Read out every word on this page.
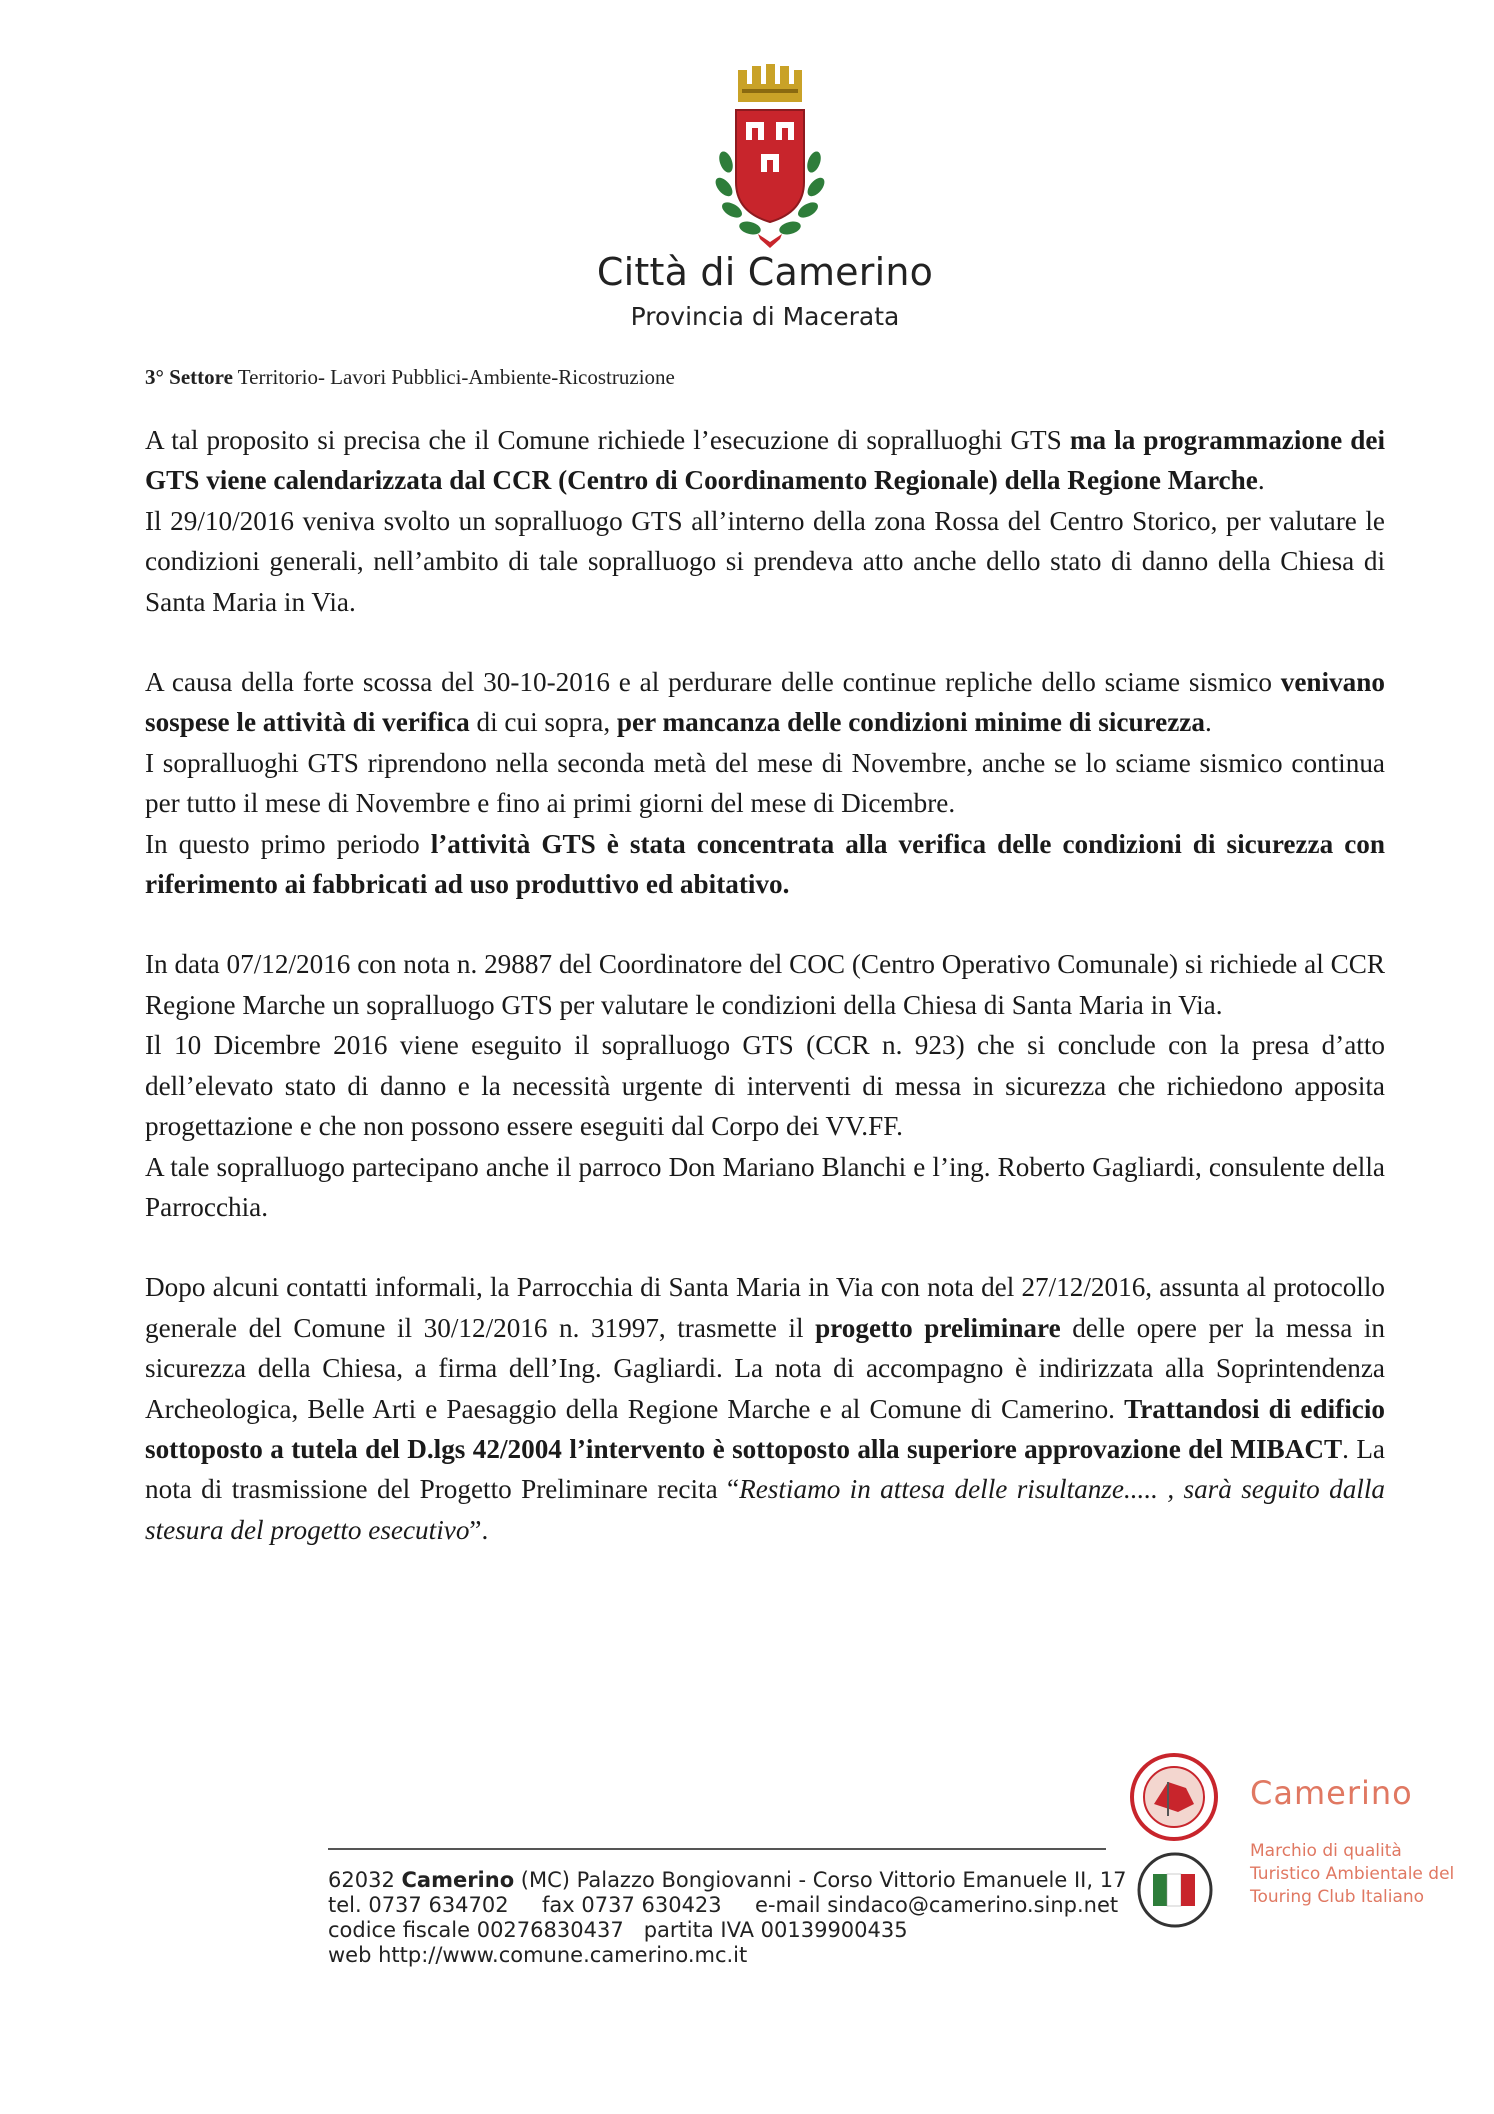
Città di Camerino
Provincia di Macerata
3° Settore Territorio- Lavori Pubblici-Ambiente-Ricostruzione

A tal proposito si precisa che il Comune richiede l’esecuzione di sopralluoghi GTS ma la programmazione dei GTS viene calendarizzata dal CCR (Centro di Coordinamento Regionale) della Regione Marche.

Il 29/10/2016 veniva svolto un sopralluogo GTS all’interno della zona Rossa del Centro Storico, per valutare le condizioni generali, nell’ambito di tale sopralluogo si prendeva atto anche dello stato di danno della Chiesa di Santa Maria in Via.

A causa della forte scossa del 30-10-2016 e al perdurare delle continue repliche dello sciame sismico venivano sospese le attività di verifica di cui sopra, per mancanza delle condizioni minime di sicurezza.

I sopralluoghi GTS riprendono nella seconda metà del mese di Novembre, anche se lo sciame sismico continua per tutto il mese di Novembre e fino ai primi giorni del mese di Dicembre.

In questo primo periodo l’attività GTS è stata concentrata alla verifica delle condizioni di sicurezza con riferimento ai fabbricati ad uso produttivo ed abitativo.

In data 07/12/2016 con nota n. 29887 del Coordinatore del COC (Centro Operativo Comunale) si richiede al CCR Regione Marche un sopralluogo GTS per valutare le condizioni della Chiesa di Santa Maria in Via.

Il 10 Dicembre 2016 viene eseguito il sopralluogo GTS (CCR n. 923) che si conclude con la presa d’atto dell’elevato stato di danno e la necessità urgente di interventi di messa in sicurezza che richiedono apposita progettazione e che non possono essere eseguiti dal Corpo dei VV.FF.

A tale sopralluogo partecipano anche il parroco Don Mariano Blanchi e l’ing. Roberto Gagliardi, consulente della Parrocchia.

Dopo alcuni contatti informali, la Parrocchia di Santa Maria in Via con nota del 27/12/2016, assunta al protocollo generale del Comune il 30/12/2016 n. 31997, trasmette il progetto preliminare delle opere per la messa in sicurezza della Chiesa, a firma dell’Ing. Gagliardi. La nota di accompagno è indirizzata alla Soprintendenza Archeologica, Belle Arti e Paesaggio della Regione Marche e al Comune di Camerino. Trattandosi di edificio sottoposto a tutela del D.lgs 42/2004 l’intervento è sottoposto alla superiore approvazione del MIBACT. La nota di trasmissione del Progetto Preliminare recita “Restiamo in attesa delle risultanze..... , sarà seguito dalla stesura del progetto esecutivo”.

Camerino
Marchio di qualità
Turistico Ambientale del
Touring Club Italiano
62032 Camerino (MC) Palazzo Bongiovanni - Corso Vittorio Emanuele II, 17
tel. 0737 634702     fax 0737 630423     e-mail sindaco@camerino.sinp.net
codice fiscale 00276830437   partita IVA 00139900435
web http://www.comune.camerino.mc.it
